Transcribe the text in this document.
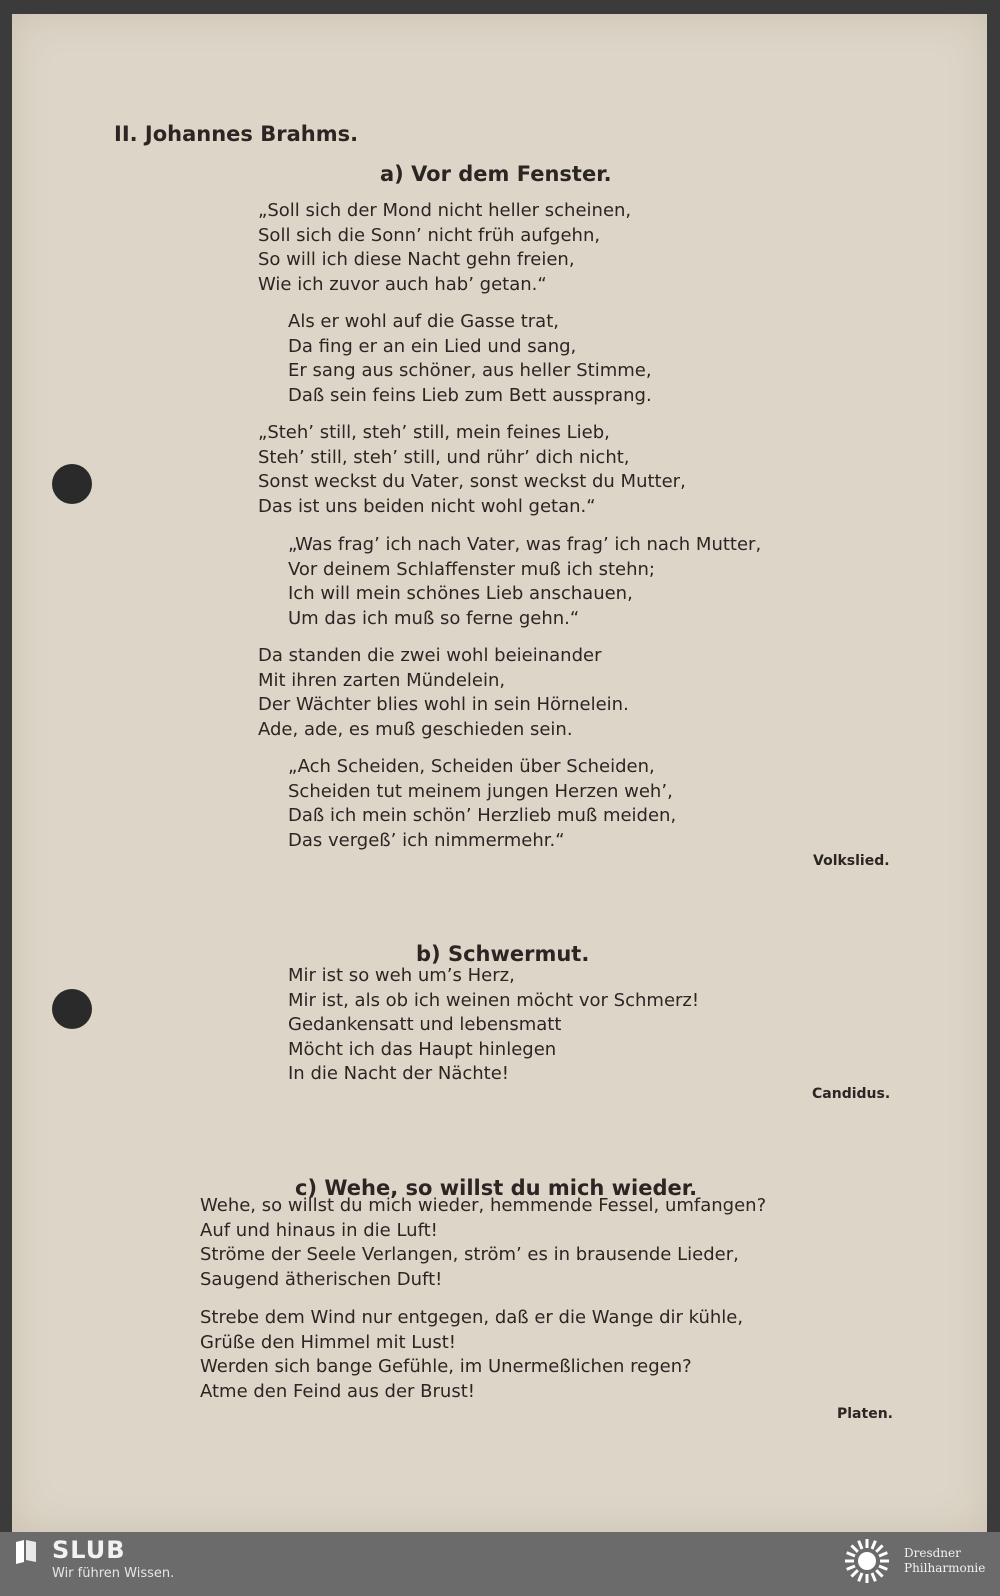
II. Johannes Brahms.
a) Vor dem Fenster.
„Soll sich der Mond nicht heller scheinen,
Soll sich die Sonn’ nicht früh aufgehn,
So will ich diese Nacht gehn freien,
Wie ich zuvor auch hab’ getan.“
Als er wohl auf die Gasse trat,
Da fing er an ein Lied und sang,
Er sang aus schöner, aus heller Stimme,
Daß sein feins Lieb zum Bett aussprang.
„Steh’ still, steh’ still, mein feines Lieb,
Steh’ still, steh’ still, und rühr’ dich nicht,
Sonst weckst du Vater, sonst weckst du Mutter,
Das ist uns beiden nicht wohl getan.“
„Was frag’ ich nach Vater, was frag’ ich nach Mutter,
Vor deinem Schlaffenster muß ich stehn;
Ich will mein schönes Lieb anschauen,
Um das ich muß so ferne gehn.“
Da standen die zwei wohl beieinander
Mit ihren zarten Mündelein,
Der Wächter blies wohl in sein Hörnelein.
Ade, ade, es muß geschieden sein.
„Ach Scheiden, Scheiden über Scheiden,
Scheiden tut meinem jungen Herzen weh’,
Daß ich mein schön’ Herzlieb muß meiden,
Das vergeß’ ich nimmermehr.“
Volkslied.
b) Schwermut.
Mir ist so weh um’s Herz,
Mir ist, als ob ich weinen möcht vor Schmerz!
Gedankensatt und lebensmatt
Möcht ich das Haupt hinlegen
In die Nacht der Nächte!
Candidus.
c) Wehe, so willst du mich wieder.
Wehe, so willst du mich wieder, hemmende Fessel, umfangen?
Auf und hinaus in die Luft!
Ströme der Seele Verlangen, ström’ es in brausende Lieder,
Saugend ätherischen Duft!
Strebe dem Wind nur entgegen, daß er die Wange dir kühle,
Grüße den Himmel mit Lust!
Werden sich bange Gefühle, im Unermeßlichen regen?
Atme den Feind aus der Brust!
Platen.
SLUB
Wir führen Wissen.
Dresdner
Philharmonie
